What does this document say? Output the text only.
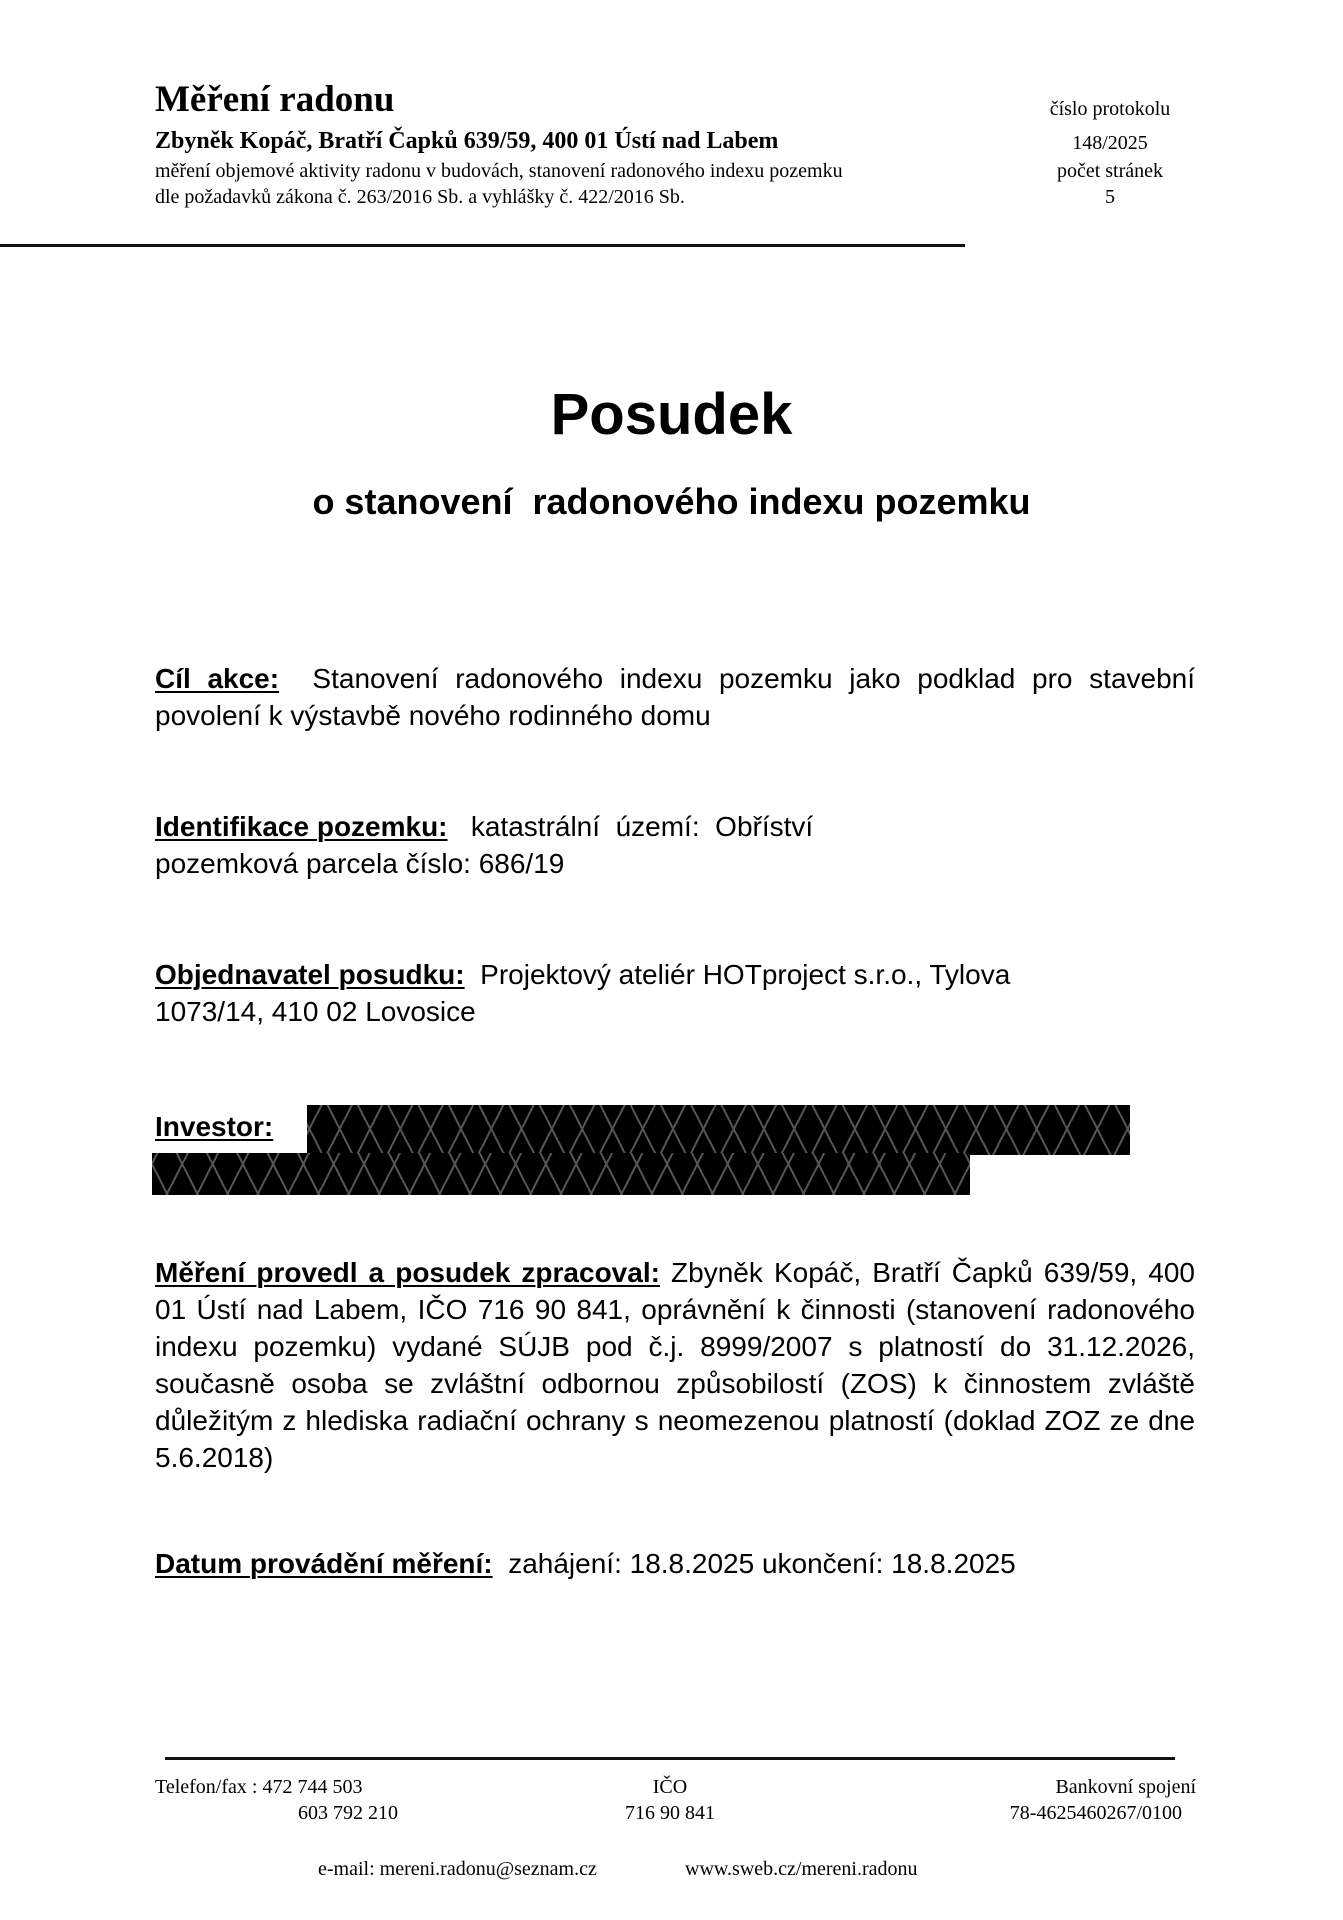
Měření radonu
Zbyněk Kopáč, Bratří Čapků 639/59, 400 01 Ústí nad Labem
měření objemové aktivity radonu v budovách, stanovení radonového indexu pozemku
dle požadavků zákona č. 263/2016 Sb. a vyhlášky č. 422/2016 Sb.
číslo protokolu
148/2025
počet stránek
5
Posudek
o stanovení  radonového indexu pozemku
Cíl akce: Stanovení radonového indexu pozemku jako podklad pro stavební povolení k výstavbě nového rodinného domu
Identifikace pozemku: katastrální  území:  Obříství
pozemková parcela číslo: 686/19
Objednavatel posudku: Projektový ateliér HOTproject s.r.o., Tylova 1073/14, 410 02 Lovosice
Investor:
Měření provedl a posudek zpracoval: Zbyněk Kopáč, Bratří Čapků 639/59, 400 01 Ústí nad Labem, IČO 716 90 841, oprávnění k činnosti (stanovení radonového indexu pozemku) vydané SÚJB pod č.j. 8999/2007 s platností do 31.12.2026, současně osoba se zvláštní odbornou způsobilostí (ZOS) k činnostem zvláště důležitým z hlediska radiační ochrany s neomezenou platností (doklad ZOZ ze dne 5.6.2018)
Datum provádění měření: zahájení: 18.8.2025 ukončení: 18.8.2025
Telefon/fax : 472 744 503
603 792 210
IČO
716 90 841
Bankovní spojení
78-4625460267/0100
e-mail: mereni.radonu@seznam.cz	www.sweb.cz/mereni.radonu
